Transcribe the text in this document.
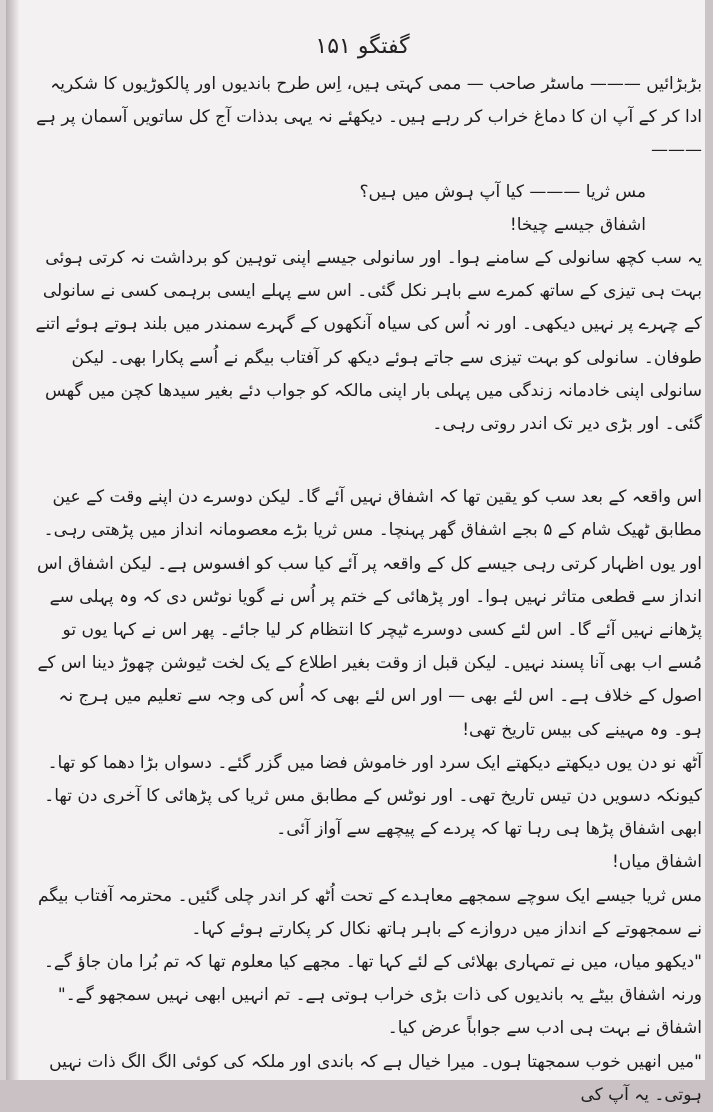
گفتگو ۱۵۱

بڑبڑائیں ——— ماسٹر صاحب — ممی کہتی ہیں، اِس طرح باندیوں اور پالکوڑیوں کا شکریہ ادا کر کے آپ ان کا دماغ خراب کر رہے ہیں۔ دیکھئے نہ یہی بدذات آج کل ساتویں آسمان پر ہے ———

مس ثریا ——— کیا آپ ہوش میں ہیں؟

اشفاق جیسے چیخا!

یہ سب کچھ سانولی کے سامنے ہوا۔ اور سانولی جیسے اپنی توہین کو برداشت نہ کرتی ہوئی بہت ہی تیزی کے ساتھ کمرے سے باہر نکل گئی۔ اس سے پہلے ایسی برہمی کسی نے سانولی کے چہرے پر نہیں دیکھی۔ اور نہ اُس کی سیاہ آنکھوں کے گہرے سمندر میں بلند ہوتے ہوئے اتنے طوفان۔ سانولی کو بہت تیزی سے جاتے ہوئے دیکھ کر آفتاب بیگم نے اُسے پکارا بھی۔ لیکن سانولی اپنی خادمانہ زندگی میں پہلی بار اپنی مالکہ کو جواب دئے بغیر سیدھا کچن میں گھس گئی۔ اور بڑی دیر تک اندر روتی رہی۔

اس واقعہ کے بعد سب کو یقین تھا کہ اشفاق نہیں آئے گا۔ لیکن دوسرے دن اپنے وقت کے عین مطابق ٹھیک شام کے ۵ بجے اشفاق گھر پہنچا۔ مس ثریا بڑے معصومانہ انداز میں پڑھتی رہی۔ اور یوں اظہار کرتی رہی جیسے کل کے واقعہ پر آئے کیا سب کو افسوس ہے۔ لیکن اشفاق اس انداز سے قطعی متاثر نہیں ہوا۔ اور پڑھائی کے ختم پر اُس نے گویا نوٹس دی کہ وہ پہلی سے پڑھانے نہیں آئے گا۔ اس لئے کسی دوسرے ٹیچر کا انتظام کر لیا جائے۔ پھر اس نے کہا یوں تو مُسے اب بھی آنا پسند نہیں۔ لیکن قبل از وقت بغیر اطلاع کے یک لخت ٹیوشن چھوڑ دینا اس کے اصول کے خلاف ہے۔ اس لئے بھی — اور اس لئے بھی کہ اُس کی وجہ سے تعلیم میں ہرج نہ ہو۔ وہ مہینے کی بیس تاریخ تھی!

آٹھ نو دن یوں دیکھتے دیکھتے ایک سرد اور خاموش فضا میں گزر گئے۔ دسواں بڑا دھما کو تھا۔ کیونکہ دسویں دن تیس تاریخ تھی۔ اور نوٹس کے مطابق مس ثریا کی پڑھائی کا آخری دن تھا۔

ابھی اشفاق پڑھا ہی رہا تھا کہ پردے کے پیچھے سے آواز آئی۔

اشفاق میاں!

مس ثریا جیسے ایک سوچے سمجھے معاہدے کے تحت اُٹھ کر اندر چلی گئیں۔ محترمہ آفتاب بیگم نے سمجھوتے کے انداز میں دروازے کے باہر ہاتھ نکال کر پکارتے ہوئے کہا۔

"دیکھو میاں، میں نے تمہاری بھلائی کے لئے کہا تھا۔ مجھے کیا معلوم تھا کہ تم بُرا مان جاؤ گے۔ ورنہ اشفاق بیٹے یہ باندیوں کی ذات بڑی خراب ہوتی ہے۔ تم انہیں ابھی نہیں سمجھو گے۔"

اشفاق نے بہت ہی ادب سے جواباً عرض کیا۔

"میں انھیں خوب سمجھتا ہوں۔ میرا خیال ہے کہ باندی اور ملکہ کی کوئی الگ الگ ذات نہیں ہوتی۔ یہ آپ کی
